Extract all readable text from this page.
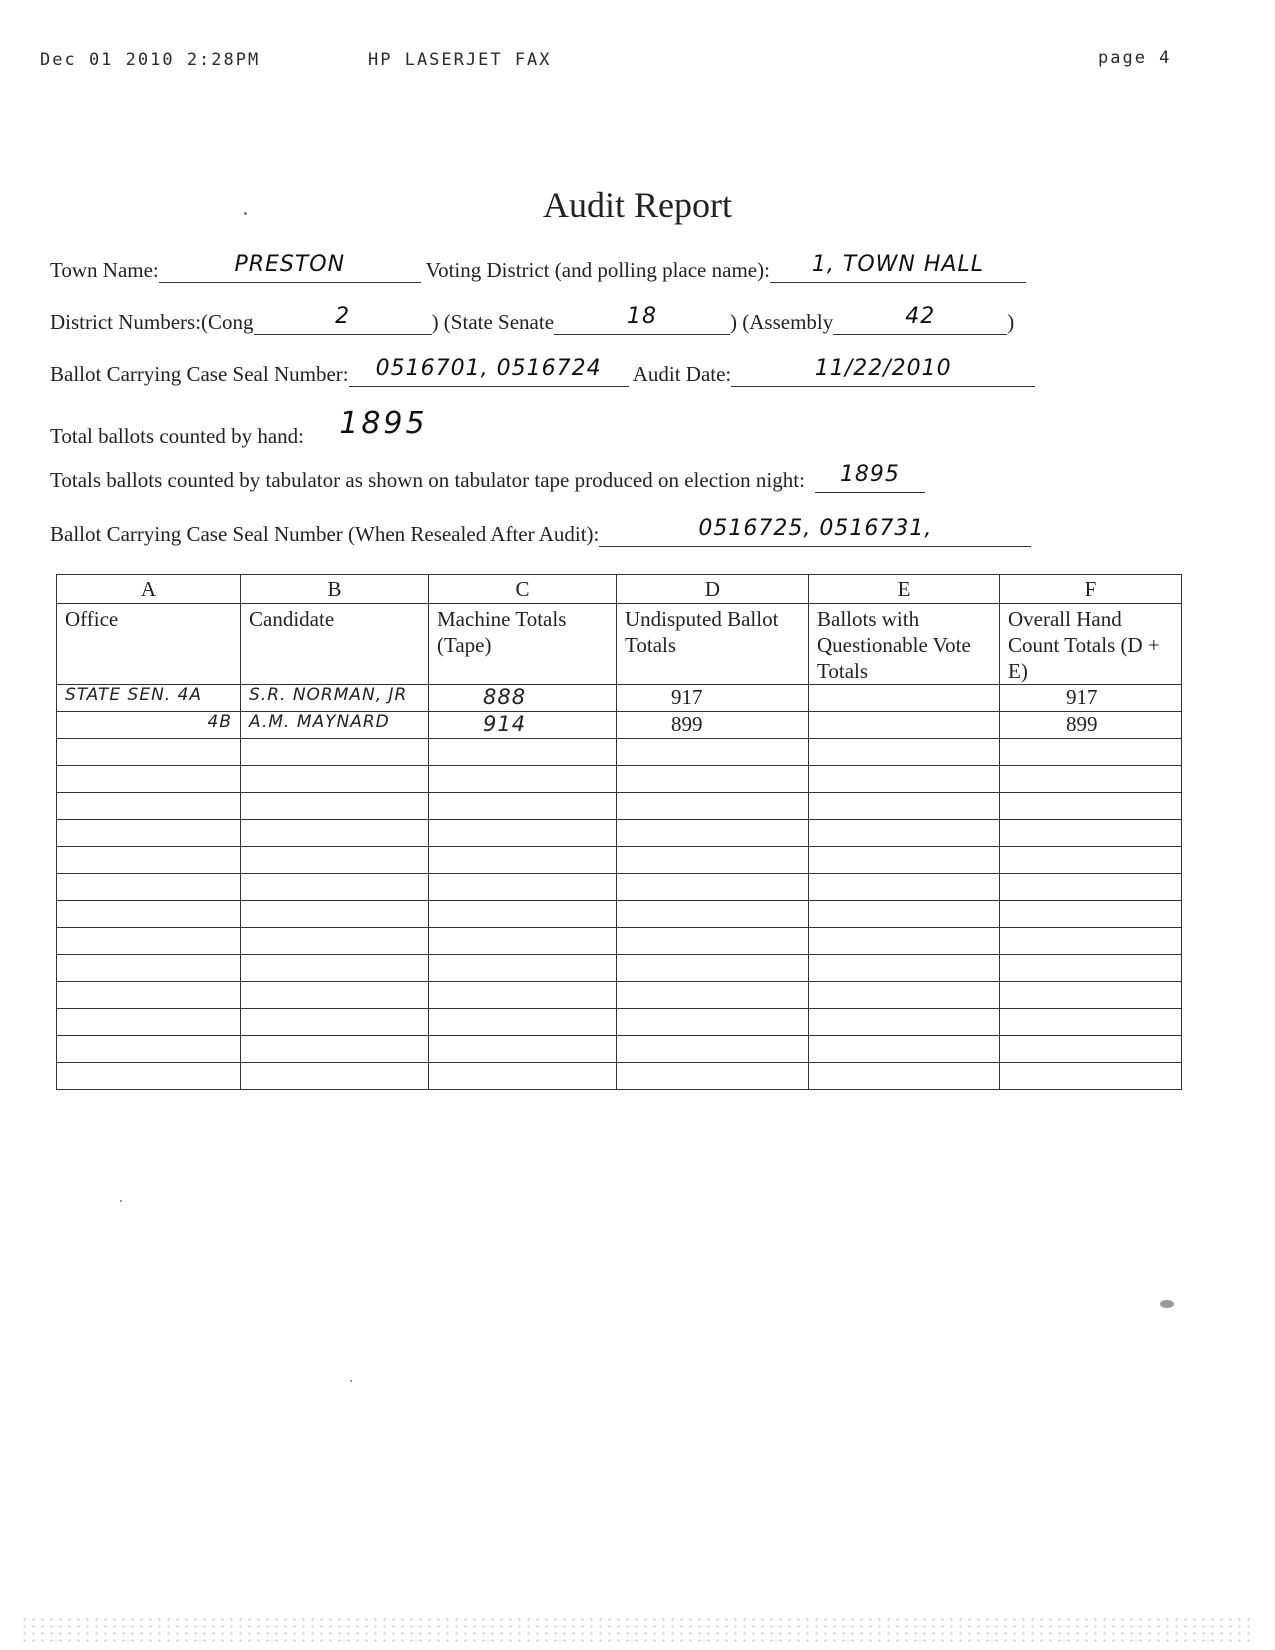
Dec 01 2010 2:28PM	HP LASERJET FAX	page 4
Audit Report
Town Name:	PRESTON	Voting District (and polling place name): 1, TOWN HALL
District Numbers:(Cong	2	) (State Senate	18	) (Assembly	42	)
Ballot Carrying Case Seal Number: 0516701, 0516724 Audit Date:	11/22/2010
Total ballots counted by hand: 1895
Totals ballots counted by tabulator as shown on tabulator tape produced on election night: 1895
Ballot Carrying Case Seal Number (When Resealed After Audit):	0516725, 0516731,
A	B	C	D	E	F
Office	Candidate	Machine Totals (Tape)	Undisputed Ballot Totals	Ballots with Questionable Vote Totals	Overall Hand Count Totals (D + E)
STATE SEN. 4A	S.R. NORMAN, JR	888	917		917
4B	A.M. MAYNARD	914	899		899
